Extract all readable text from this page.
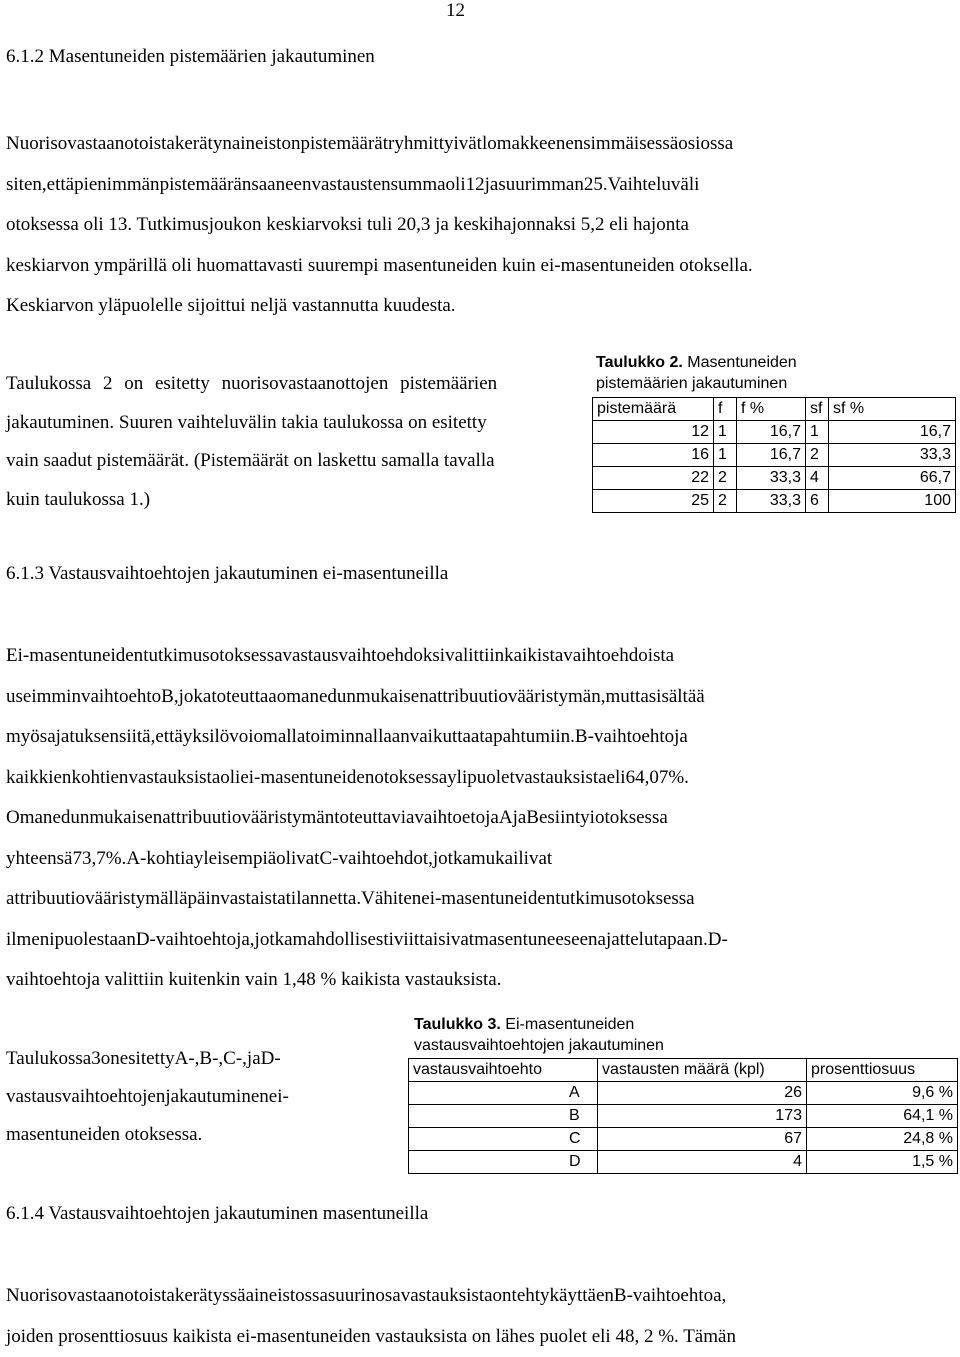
12
6.1.2 Masentuneiden pistemäärien jakautuminen
Nuorisovastaanotoistakerätynaineistonpistemäärätryhmittyivätlomakkeenensimmäisessäosiossa
siten,ettäpienimmänpistemääränsaaneenvastaustensummaoli12jasuurimman25.Vaihteluväli
otoksessa oli 13. Tutkimusjoukon keskiarvoksi tuli 20,3 ja keskihajonnaksi 5,2 eli hajonta
keskiarvon ympärillä oli huomattavasti suurempi masentuneiden kuin ei-masentuneiden otoksella.
Keskiarvon yläpuolelle sijoittui neljä vastannutta kuudesta.
Taulukossa 2 on esitetty nuorisovastaanottojen pistemäärien
jakautuminen. Suuren vaihteluvälin takia taulukossa on esitetty
vain saadut pistemäärät. (Pistemäärät on laskettu samalla tavalla
kuin taulukossa 1.)
Taulukko 2. Masentuneiden
pistemäärien jakautuminen
pistemäärä	f	f %	sf	sf %
12	1	16,7	1	16,7
16	1	16,7	2	33,3
22	2	33,3	4	66,7
25	2	33,3	6	100
6.1.3 Vastausvaihtoehtojen jakautuminen ei-masentuneilla
Ei-masentuneidentutkimusotoksessavastausvaihtoehdoksivalittiinkaikistavaihtoehdoista
useimminvaihtoehtoB,jokatoteuttaaomanedunmukaisenattribuutiovääristymän,muttasisältää
myösajatuksensiitä,ettäyksilövoiomallatoiminnallaanvaikuttaatapahtumiin.B-vaihtoehtoja
kaikkienkohtienvastauksistaoliei-masentuneidenotoksessaylipuoletvastauksistaeli64,07%.
OmanedunmukaisenattribuutiovääristymäntoteuttaviavaihtoetojaAjaBesiintyiotoksessa
yhteensä73,7%.A-kohtiayleisempiäolivatC-vaihtoehdot,jotkamukailivat
attribuutiovääristymälläpäinvastaistatilannetta.Vähitenei-masentuneidentutkimusotoksessa
ilmenipuolestaanD-vaihtoehtoja,jotkamahdollisestiviittaisivatmasentuneeseenajattelutapaan.D-
vaihtoehtoja valittiin kuitenkin vain 1,48 % kaikista vastauksista.
Taulukossa3onesitettyA-,B-,C-,jaD-
vastausvaihtoehtojenjakautuminenei-
masentuneiden otoksessa.
Taulukko 3. Ei-masentuneiden
vastausvaihtoehtojen jakautuminen
vastausvaihtoehto	vastausten määrä (kpl)	prosenttiosuus
A	26	9,6 %
B	173	64,1 %
C	67	24,8 %
D	4	1,5 %
6.1.4 Vastausvaihtoehtojen jakautuminen masentuneilla
NuorisovastaanotoistakerätyssäaineistossasuurinosavastauksistaontehtykäyttäenB-vaihtoehtoa,
joiden prosenttiosuus kaikista ei-masentuneiden vastauksista on lähes puolet eli 48, 2 %. Tämän
